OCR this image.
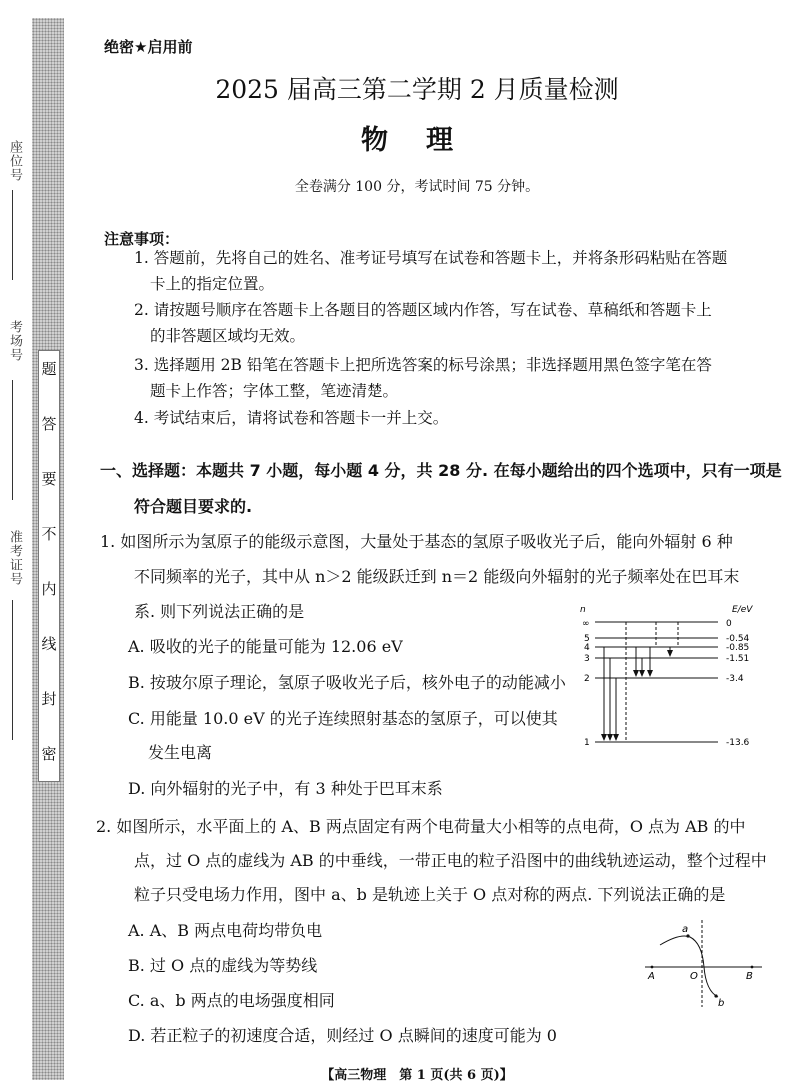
座位号
考场号
准考证号
密
封
线
内
不
要
答
题
绝密★启用前
2025 届高三第二学期 2 月质量检测
物理
全卷满分 100 分，考试时间 75 分钟。
注意事项：
1. 答题前，先将自己的姓名、准考证号填写在试卷和答题卡上，并将条形码粘贴在答题
卡上的指定位置。
2. 请按题号顺序在答题卡上各题目的答题区域内作答，写在试卷、草稿纸和答题卡上
的非答题区域均无效。
3. 选择题用 2B 铅笔在答题卡上把所选答案的标号涂黑；非选择题用黑色签字笔在答
题卡上作答；字体工整，笔迹清楚。
4. 考试结束后，请将试卷和答题卡一并上交。
一、选择题：本题共 7 小题，每小题 4 分，共 28 分. 在每小题给出的四个选项中，只有一项是
符合题目要求的.
1. 如图所示为氢原子的能级示意图，大量处于基态的氢原子吸收光子后，能向外辐射 6 种
不同频率的光子，其中从 n＞2 能级跃迁到 n＝2 能级向外辐射的光子频率处在巴耳末
系. 则下列说法正确的是
A. 吸收的光子的能量可能为 12.06 eV
B. 按玻尔原子理论，氢原子吸收光子后，核外电子的动能减小
C. 用能量 10.0 eV 的光子连续照射基态的氢原子，可以使其
发生电离
D. 向外辐射的光子中，有 3 种处于巴耳末系
n	E/eV
∞
5
4
3
2
1
0
-0.54
-0.85
-1.51
-3.4
-13.6
2. 如图所示，水平面上的 A、B 两点固定有两个电荷量大小相等的点电荷，O 点为 AB 的中
点，过 O 点的虚线为 AB 的中垂线，一带正电的粒子沿图中的曲线轨迹运动，整个过程中
粒子只受电场力作用，图中 a、b 是轨迹上关于 O 点对称的两点. 下列说法正确的是
A. A、B 两点电荷均带负电
B. 过 O 点的虚线为等势线
C. a、b 两点的电场强度相同
D. 若正粒子的初速度合适，则经过 O 点瞬间的速度可能为 0
a
b
A	B
O
【高三物理　第 1 页(共 6 页)】
